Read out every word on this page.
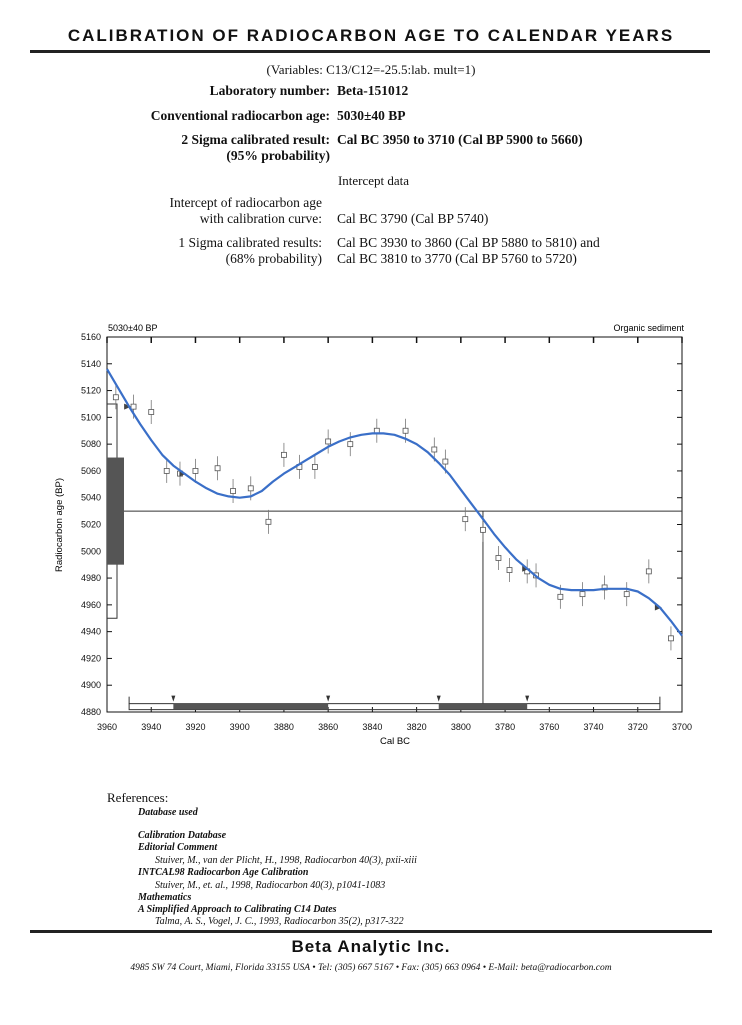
CALIBRATION OF RADIOCARBON AGE TO CALENDAR YEARS
(Variables: C13/C12=-25.5:lab. mult=1)
Laboratory number: Beta-151012
Conventional radiocarbon age: 5030±40 BP
2 Sigma calibrated result:
(95% probability)
Cal BC 3950 to 3710 (Cal BP 5900 to 5660)
Intercept data
Intercept of radiocarbon age
with calibration curve: Cal BC 3790 (Cal BP 5740)
1 Sigma calibrated results:
(68% probability)
Cal BC 3930 to 3860 (Cal BP 5880 to 5810) and
Cal BC 3810 to 3770 (Cal BP 5760 to 5720)
5030±40 BP	Organic sediment
5160
5140
5120
5100
5080
5060
5040
5020
5000
4980
4960
4940
4920
4900
4880
3960	3940	3920	3900	3880	3860	3840	3820	3800	3780	3760	3740	3720	3700
Cal BC
Radiocarbon age (BP)
References:
Database used
Calibration Database
Editorial Comment
Stuiver, M., van der Plicht, H., 1998, Radiocarbon 40(3), pxii-xiii
INTCAL98 Radiocarbon Age Calibration
Stuiver, M., et. al., 1998, Radiocarbon 40(3), p1041-1083
Mathematics
A Simplified Approach to Calibrating C14 Dates
Talma, A. S., Vogel, J. C., 1993, Radiocarbon 35(2), p317-322
Beta Analytic Inc.
4985 SW 74 Court, Miami, Florida 33155 USA • Tel: (305) 667 5167 • Fax: (305) 663 0964 • E-Mail: beta@radiocarbon.com
